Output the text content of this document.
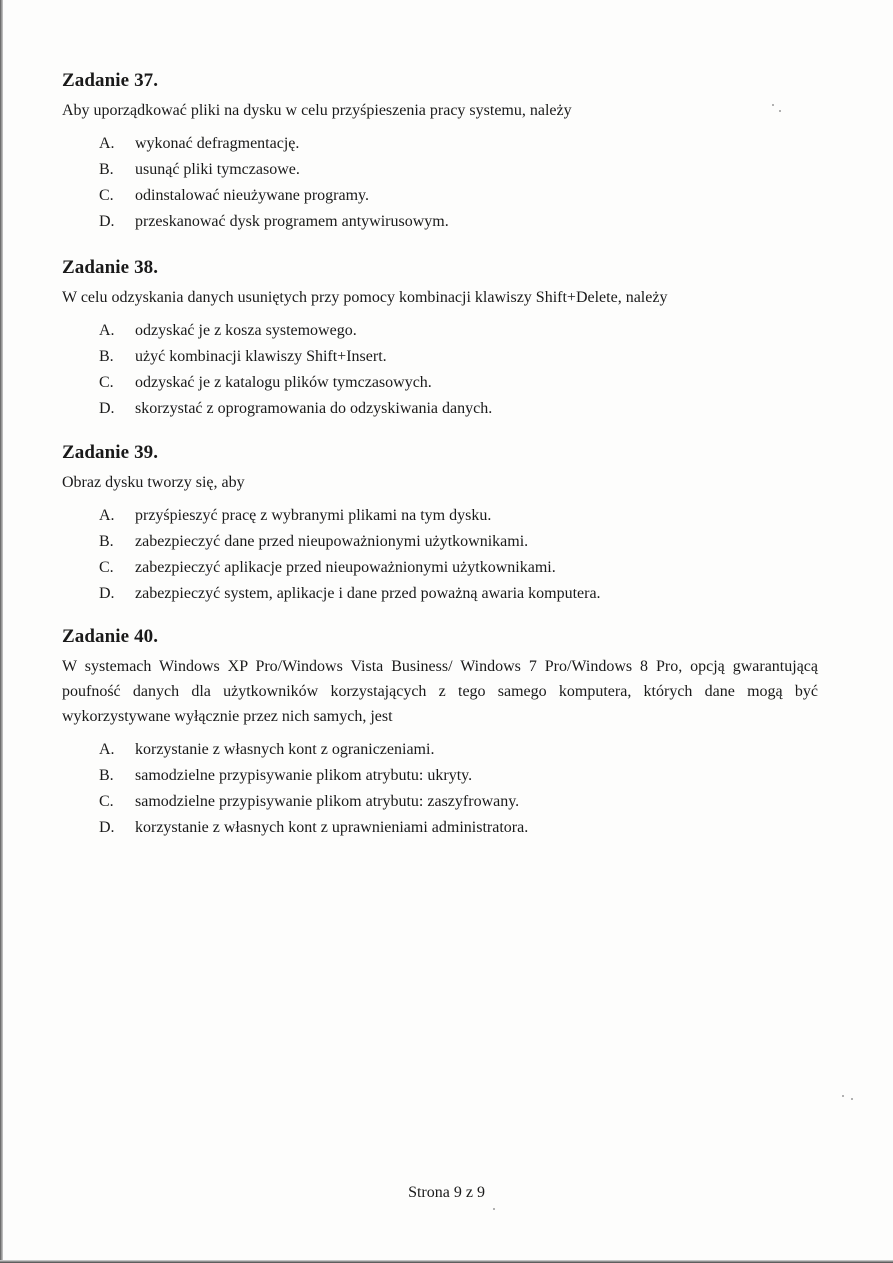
Zadanie 37.

Aby uporządkować pliki na dysku w celu przyśpieszenia pracy systemu, należy

A. wykonać defragmentację.
B. usunąć pliki tymczasowe.
C. odinstalować nieużywane programy.
D. przeskanować dysk programem antywirusowym.
Zadanie 38.

W celu odzyskania danych usuniętych przy pomocy kombinacji klawiszy Shift+Delete, należy

A. odzyskać je z kosza systemowego.
B. użyć kombinacji klawiszy Shift+Insert.
C. odzyskać je z katalogu plików tymczasowych.
D. skorzystać z oprogramowania do odzyskiwania danych.
Zadanie 39.

Obraz dysku tworzy się, aby

A. przyśpieszyć pracę z wybranymi plikami na tym dysku.
B. zabezpieczyć dane przed nieupoważnionymi użytkownikami.
C. zabezpieczyć aplikacje przed nieupoważnionymi użytkownikami.
D. zabezpieczyć system, aplikacje i dane przed poważną awaria komputera.
Zadanie 40.

W systemach Windows XP Pro/Windows Vista Business/ Windows 7 Pro/Windows 8 Pro, opcją gwarantującą poufność danych dla użytkowników korzystających z tego samego komputera, których dane mogą być wykorzystywane wyłącznie przez nich samych, jest

A. korzystanie z własnych kont z ograniczeniami.
B. samodzielne przypisywanie plikom atrybutu: ukryty.
C. samodzielne przypisywanie plikom atrybutu: zaszyfrowany.
D. korzystanie z własnych kont z uprawnieniami administratora.
Strona 9 z 9
